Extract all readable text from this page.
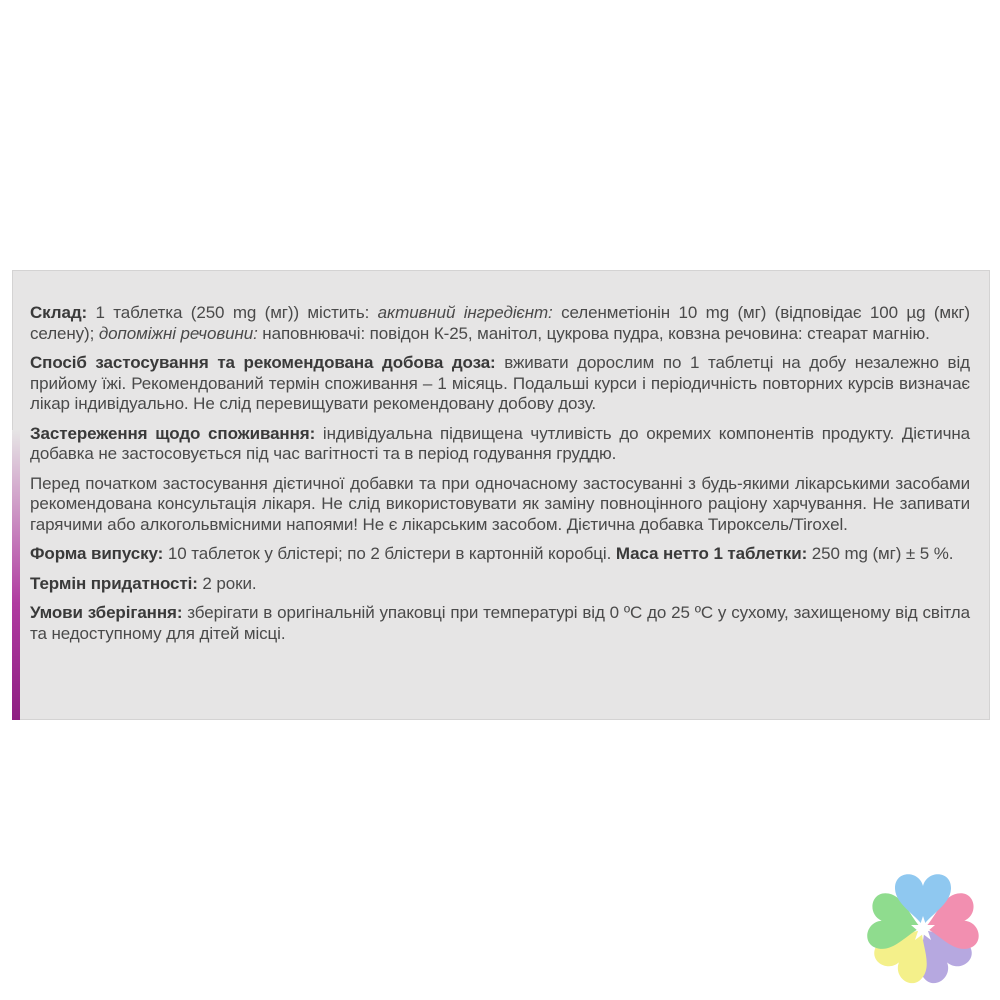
Склад: 1 таблетка (250 mg (мг)) містить: активний інгредієнт: селенметіонін 10 mg (мг) (відповідає 100 µg (мкг) селену); допоміжні речовини: наповнювачі: повідон К-25, манітол, цукрова пудра, ковзна речовина: стеарат магнію.

Спосіб застосування та рекомендована добова доза: вживати дорослим по 1 таблетці на добу незалежно від прийому їжі. Рекомендований термін споживання – 1 місяць. Подальші курси і періодичність повторних курсів визначає лікар індивідуально. Не слід перевищувати рекомендовану добову дозу.

Застереження щодо споживання: індивідуальна підвищена чутливість до окремих компонентів продукту. Дієтична добавка не застосовується під час вагітності та в період годування груддю.

Перед початком застосування дієтичної добавки та при одночасному застосуванні з будь-якими лікарськими засобами рекомендована консультація лікаря. Не слід використовувати як заміну повноцінного раціону харчування. Не запивати гарячими або алкогольвмісними напоями! Не є лікарським засобом. Дієтична добавка Тироксель/Tiroxel.

Форма випуску: 10 таблеток у блістері; по 2 блістери в картонній коробці. Маса нетто 1 таблетки: 250 mg (мг) ± 5 %.

Термін придатності: 2 роки.

Умови зберігання: зберігати в оригінальній упаковці при температурі від 0 ºС до 25 ºС у сухому, захищеному від світла та недоступному для дітей місці.
